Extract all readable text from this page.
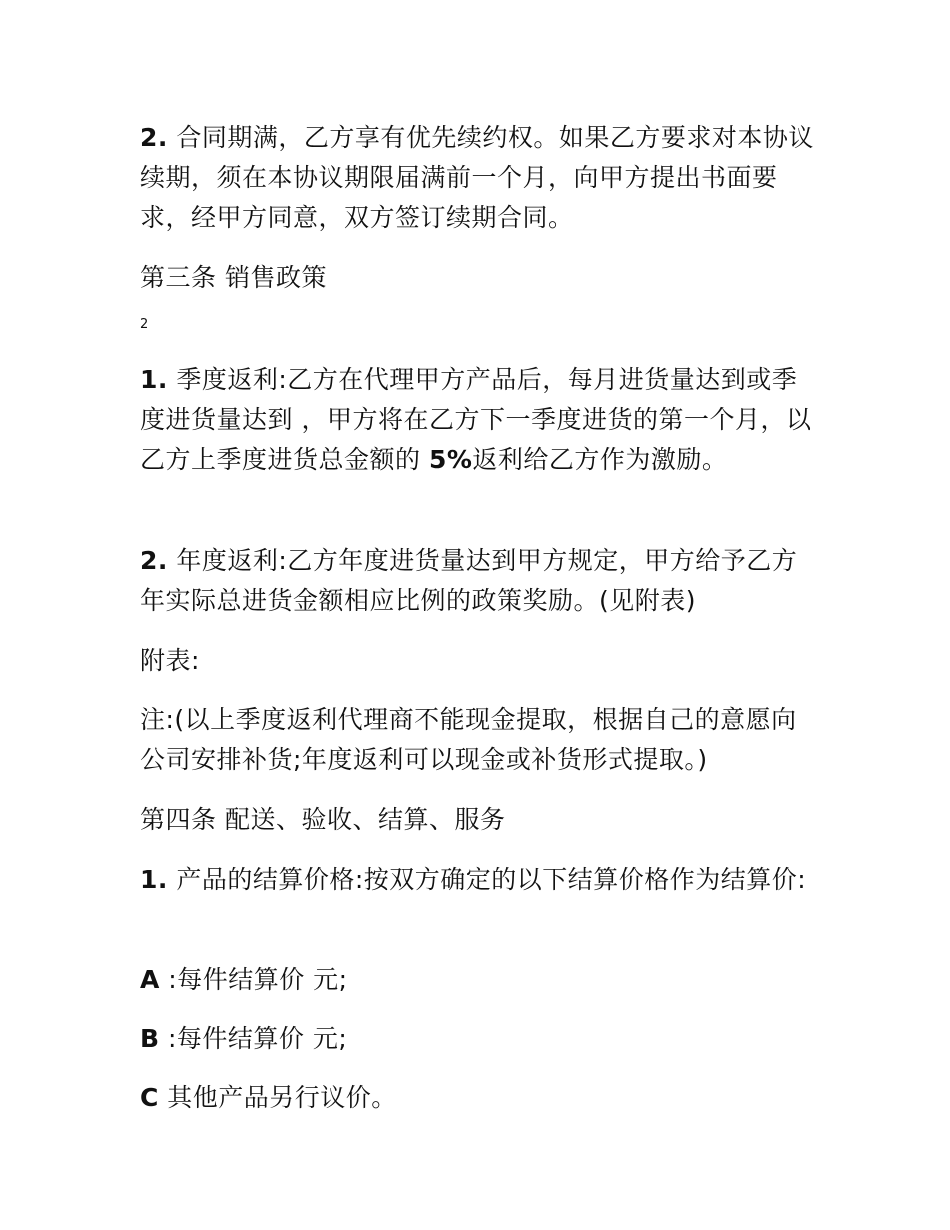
2. 合同期满，乙方享有优先续约权。如果乙方要求对本协议续期，须在本协议期限届满前一个月，向甲方提出书面要求，经甲方同意，双方签订续期合同。

第三条 销售政策

2

1. 季度返利:乙方在代理甲方产品后，每月进货量达到或季度进货量达到 ，甲方将在乙方下一季度进货的第一个月，以乙方上季度进货总金额的 5%返利给乙方作为激励。

2. 年度返利:乙方年度进货量达到甲方规定，甲方给予乙方年实际总进货金额相应比例的政策奖励。(见附表)

附表:

注:(以上季度返利代理商不能现金提取，根据自己的意愿向公司安排补货;年度返利可以现金或补货形式提取。)

第四条 配送、验收、结算、服务

1. 产品的结算价格:按双方确定的以下结算价格作为结算价:

A :每件结算价 元;

B :每件结算价 元;

C 其他产品另行议价。
